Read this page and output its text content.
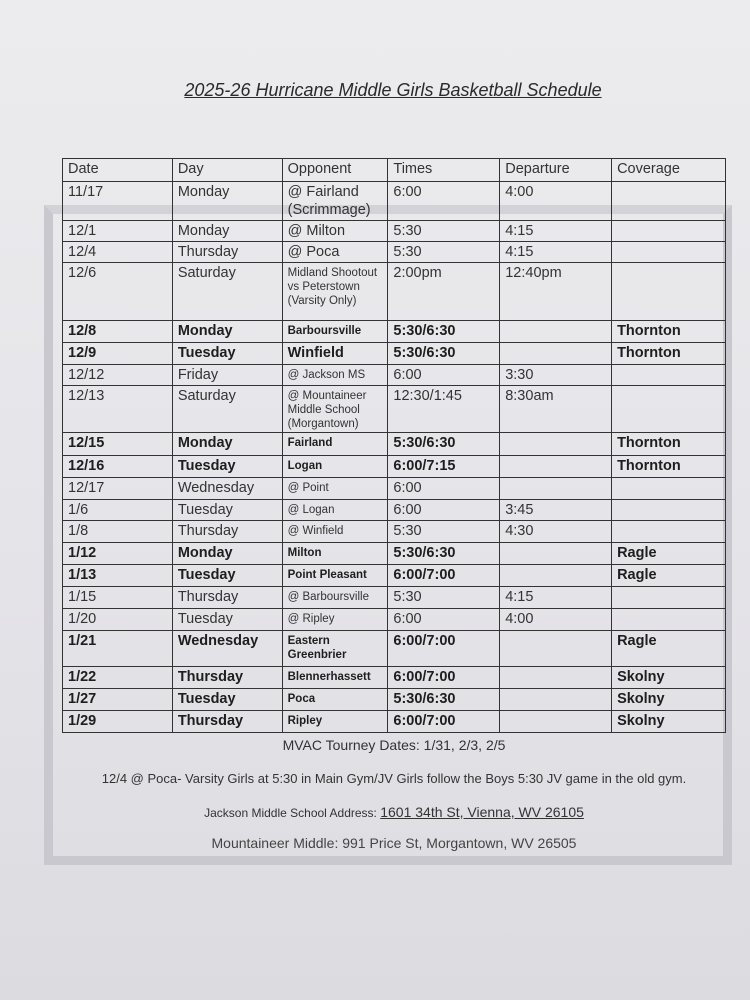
2025-26 Hurricane Middle Girls Basketball Schedule
Date	Day	Opponent	Times	Departure	Coverage
11/17	Monday	@ Fairland (Scrimmage)	6:00	4:00	
12/1	Monday	@ Milton	5:30	4:15	
12/4	Thursday	@ Poca	5:30	4:15	
12/6	Saturday	Midland Shootout vs Peterstown (Varsity Only)	2:00pm	12:40pm	
12/8	Monday	Barboursville	5:30/6:30		Thornton
12/9	Tuesday	Winfield	5:30/6:30		Thornton
12/12	Friday	@ Jackson MS	6:00	3:30	
12/13	Saturday	@ Mountaineer Middle School (Morgantown)	12:30/1:45	8:30am	
12/15	Monday	Fairland	5:30/6:30		Thornton
12/16	Tuesday	Logan	6:00/7:15		Thornton
12/17	Wednesday	@ Point	6:00		
1/6	Tuesday	@ Logan	6:00	3:45	
1/8	Thursday	@ Winfield	5:30	4:30	
1/12	Monday	Milton	5:30/6:30		Ragle
1/13	Tuesday	Point Pleasant	6:00/7:00		Ragle
1/15	Thursday	@ Barboursville	5:30	4:15	
1/20	Tuesday	@ Ripley	6:00	4:00	
1/21	Wednesday	Eastern Greenbrier	6:00/7:00		Ragle
1/22	Thursday	Blennerhassett	6:00/7:00		Skolny
1/27	Tuesday	Poca	5:30/6:30		Skolny
1/29	Thursday	Ripley	6:00/7:00		Skolny
MVAC Tourney Dates: 1/31, 2/3, 2/5
12/4 @ Poca- Varsity Girls at 5:30 in Main Gym/JV Girls follow the Boys 5:30 JV game in the old gym.
Jackson Middle School Address: 1601 34th St, Vienna, WV 26105
Mountaineer Middle: 991 Price St, Morgantown, WV 26505
